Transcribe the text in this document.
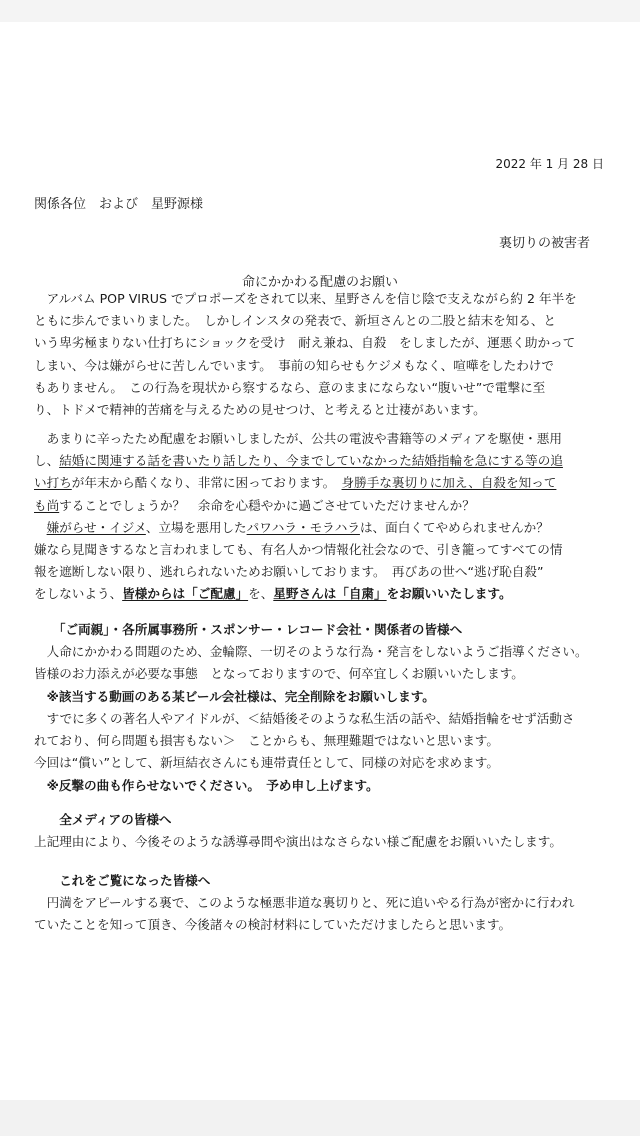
2022 年 1 月 28 日
関係各位　および　星野源様
裏切りの被害者
命にかかわる配慮のお願い
　アルバム POP VIRUS でプロポーズをされて以来、星野さんを信じ陰で支えながら約 2 年半を
ともに歩んでまいりました。　しかしインスタの発表で、新垣さんとの二股と結末を知る、と
いう卑劣極まりない仕打ちにショックを受け　耐え兼ね、自殺　をしましたが、運悪く助かって
しまい、今は嫌がらせに苦しんでいます。　事前の知らせもケジメもなく、喧嘩をしたわけで
もありません。　この行為を現状から察するなら、意のままにならない“腹いせ”で電撃に至
り、トドメで精神的苦痛を与えるための見せつけ、と考えると辻褄があいます。
　あまりに辛ったため配慮をお願いしましたが、公共の電波や書籍等のメディアを駆使・悪用
し、結婚に関連する話を書いたり話したり、今までしていなかった結婚指輪を急にする等の追
い打ちが年末から酷くなり、非常に困っております。　身勝手な裏切りに加え、自殺を知って
も尚することでしょうか？　余命を心穏やかに過ごさせていただけませんか？
　嫌がらせ・イジメ、立場を悪用したパワハラ・モラハラは、面白くてやめられませんか？
嫌なら見聞きするなと言われましても、有名人かつ情報化社会なので、引き籠ってすべての情
報を遮断しない限り、逃れられないためお願いしております。　再びあの世へ“逃げ恥自殺”
をしないよう、皆様からは「ご配慮」を、星野さんは「自粛」をお願いいたします。
　　「ご両親」・各所属事務所・スポンサー・レコード会社・関係者の皆様へ
　人命にかかわる問題のため、金輪際、一切そのような行為・発言をしないようご指導ください。
皆様のお力添えが必要な事態　となっておりますので、何卒宜しくお願いいたします。
　※該当する動画のある某ビール会社様は、完全削除をお願いします。
　すでに多くの著名人やアイドルが、＜結婚後そのような私生活の話や、結婚指輪をせず活動さ
れており、何ら問題も損害もない＞　ことからも、無理難題ではないと思います。
今回は“償い”として、新垣結衣さんにも連帯責任として、同様の対応を求めます。
　※反撃の曲も作らせないでください。　予め申し上げます。
　　全メディアの皆様へ
上記理由により、今後そのような誘導尋問や演出はなさらない様ご配慮をお願いいたします。
　　これをご覧になった皆様へ
　円満をアピールする裏で、このような極悪非道な裏切りと、死に追いやる行為が密かに行われ
ていたことを知って頂き、今後諸々の検討材料にしていただけましたらと思います。
